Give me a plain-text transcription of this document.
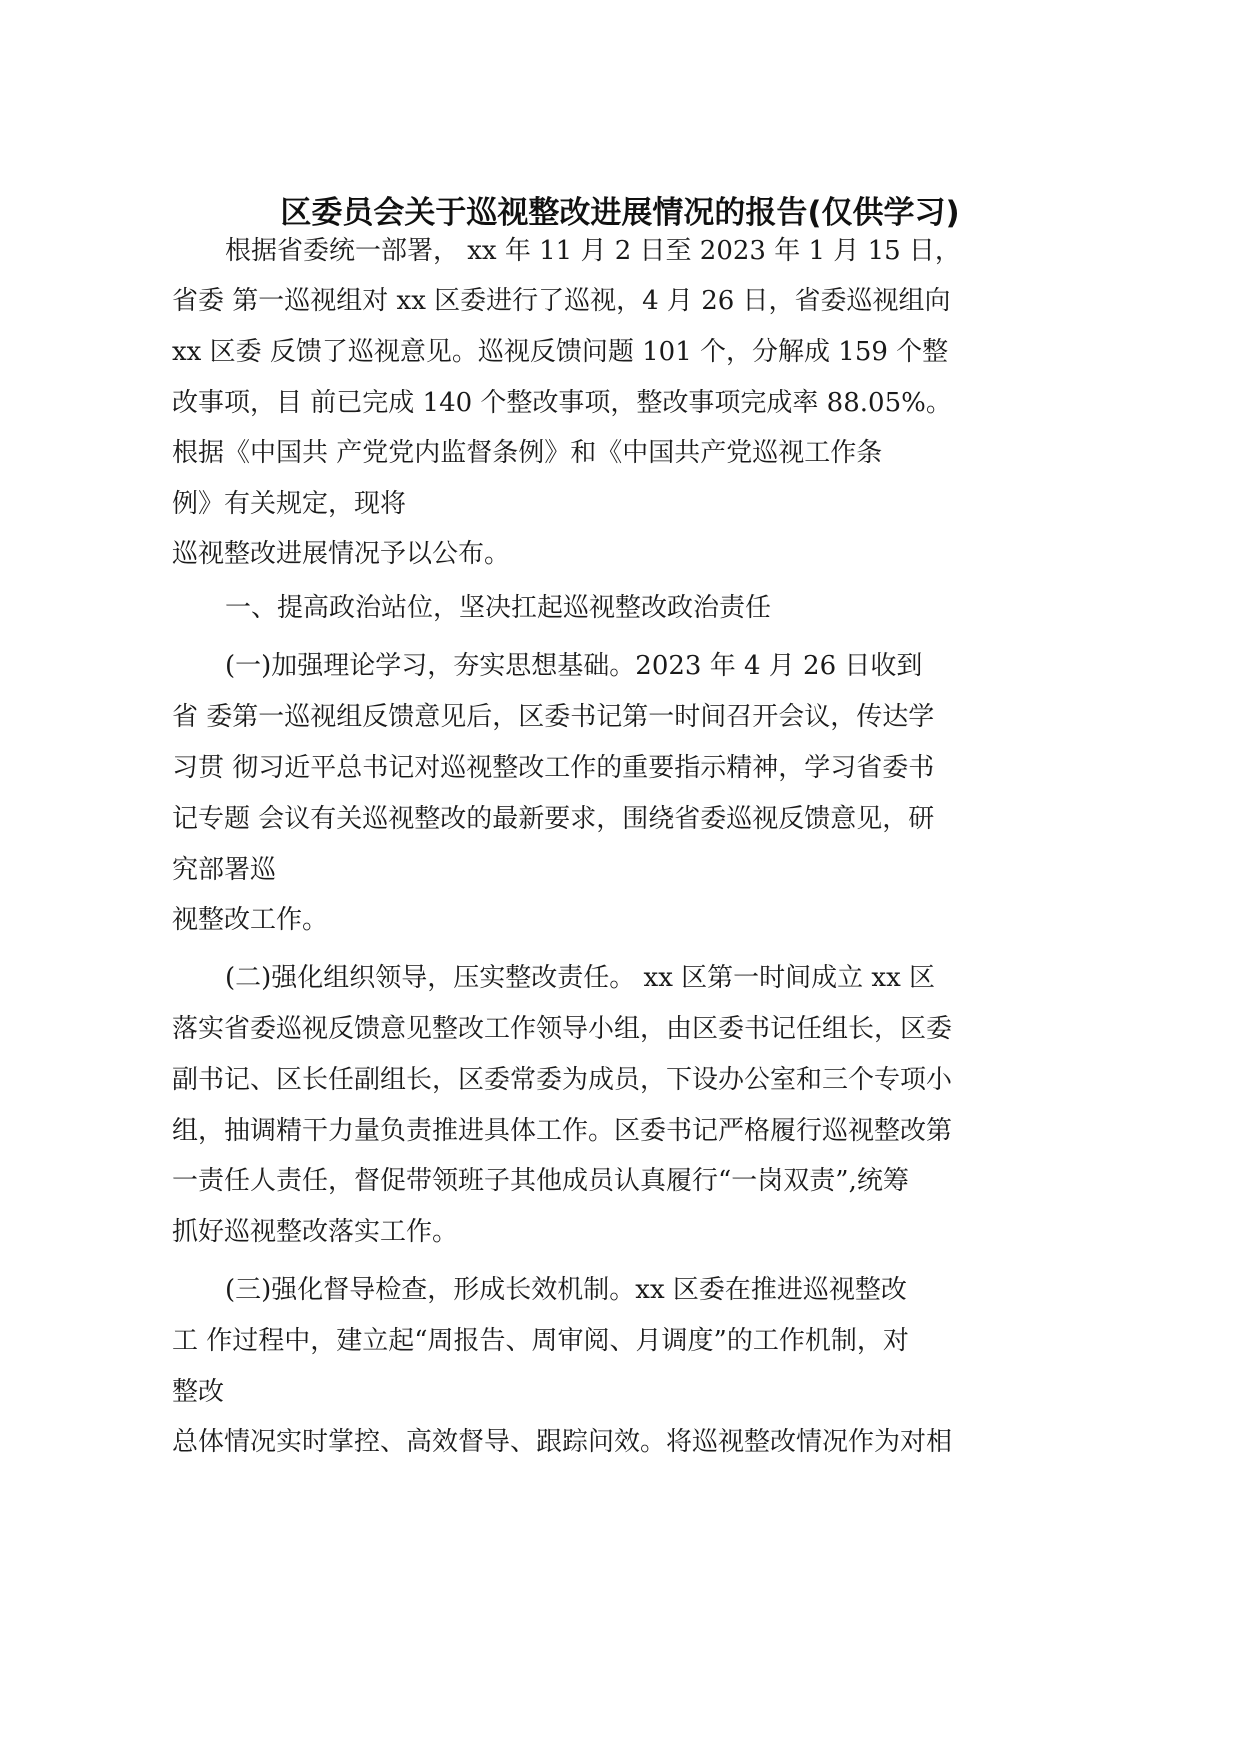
区委员会关于巡视整改进展情况的报告(仅供学习)
根据省委统一部署， xx 年 11 月 2 日至 2023 年 1 月 15 日，
省委 第一巡视组对 xx 区委进行了巡视，4 月 26 日，省委巡视组向
xx 区委 反馈了巡视意见。巡视反馈问题 101 个，分解成 159 个整
改事项，目 前已完成 140 个整改事项，整改事项完成率 88.05%。
根据《中国共 产党党内监督条例》和《中国共产党巡视工作条
例》有关规定，现将
巡视整改进展情况予以公布。
一、提高政治站位，坚决扛起巡视整改政治责任
(一)加强理论学习，夯实思想基础。2023 年 4 月 26 日收到
省 委第一巡视组反馈意见后，区委书记第一时间召开会议，传达学
习贯 彻习近平总书记对巡视整改工作的重要指示精神，学习省委书
记专题 会议有关巡视整改的最新要求，围绕省委巡视反馈意见，研
究部署巡
视整改工作。
(二)强化组织领导，压实整改责任。 xx 区第一时间成立 xx 区
落实省委巡视反馈意见整改工作领导小组，由区委书记任组长，区委
副书记、区长任副组长，区委常委为成员，下设办公室和三个专项小
组，抽调精干力量负责推进具体工作。区委书记严格履行巡视整改第
一责任人责任，督促带领班子其他成员认真履行“一岗双责”,统筹
抓好巡视整改落实工作。
(三)强化督导检查，形成长效机制。xx 区委在推进巡视整改
工 作过程中，建立起“周报告、周审阅、月调度”的工作机制，对
整改
总体情况实时掌控、高效督导、跟踪问效。将巡视整改情况作为对相
